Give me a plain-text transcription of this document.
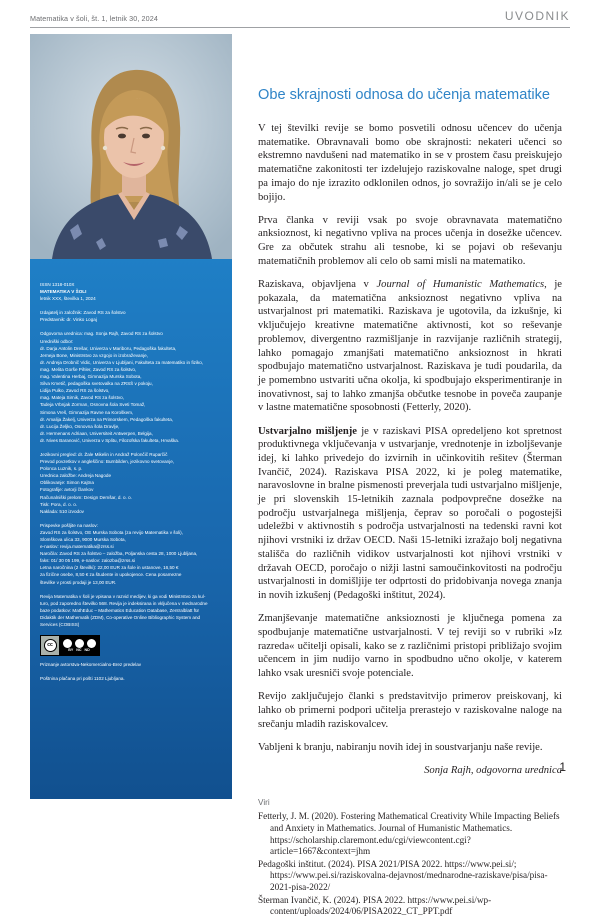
Matematika v šoli, št. 1, letnik 30, 2024	UVODNIK
ISSN 1318-010X
MATEMATIKA V ŠOLI
letnik XXX, številka 1, 2024
Izdajatelj in založnik: Zavod RS za šolstvo
Predstavnik: dr. Vinko Logaj
Odgovorna urednica: mag. Sonja Rajh, Zavod RS za šolstvo
Uredniški odbor:
dr. Darja Antolin Drešar, Univerza v Mariboru, Pedagoška fakulteta,
Jerneja Bone, Ministrstvo za vzgojo in izobraževanje,
dr. Andreja Drobnič Vidic, Univerza v Ljubljani, Fakulteta za matematiko in fiziko,
mag. Melita Gorše Pihler, Zavod RS za šolstvo,
mag. Valentina Herbaj, Gimnazija Murska Sobota,
Silva Kmetič, pedagoška svetovalka na ZRSŠ v pokoju,
Lidija Pulko, Zavod RS za šolstvo,
mag. Mateja Sirnik, Zavod RS za šolstvo,
Tadeja Vrbnjak Zorman, Osnovna šola Sveti Tomaž,
Simona Vreš, Gimnazija Ravne na Koroškem,
dr. Amalija Žakelj, Univerza na Primorskem, Pedagoška fakulteta,
dr. Lucija Željko, Osnovna šola Dravlje,
dr. Hermenans Adriaan, Universiteit Antwerpen, Belgija,
dr. Nives Baranović, Univerza v Splitu, Filozofska fakulteta, Hrvaška.
Jezikovni pregled: dr. Žale Mikelin in Andraž Polončič Ruparčič
Prevod povzetkov v angleščino: Burnbilden, jezikovno svetovanje,
Polonca Luznik, s. p.
Urednica založbe: Andreja Nagode
Oblikovanje: Simon Kajtna
Fotografije: avtorji člankov
Računalniški prelom: Design Demšar, d. o. o.
Tisk: Pora, d. o. o.
Naklada: 510 izvodov
Prispevke pošljite na naslov:
Zavod RS za šolstvo, OE Murska Sobota (za revijo Matematika v šoli),
Slomškova ulica 33, 9000 Murska Sobota,
e-naslov: revija.matematika@zrss.si
Naročila: Zavod RS za šolstvo – založba, Poljanska cesta 28, 1000 Ljubljana,
faks: 01/ 30 05 199, e-naslov: zalozba@zrss.si
Letna naročnina (2 številki): 22,00 EUR za šole in ustanove, 16,50 €
za fizične osebe, 8,50 € za študente in upokojence. Cena posamezne
številke v prosti prodaji je 13,00 EUR.
Revija Matematika v šoli je vpisana v razvid medijev, ki ga vodi Ministrstvo za kul-
turo, pod zaporedno številko 568. Revija je indeksirana in vključena v mednarodne
baze podatkov: MathEduc – Mathematics Education Database, Zentralblatt für
Didaktik der Mathematik (ZDM), Co-operative Online Bibliographic System and
Services (COBISS)
cc
BY NC ND
Priznanje avtorstva-Nekomercialno-Brez predelav
Poštnina plačana pri pošti 1102 Ljubljana.
Obe skrajnosti odnosa do učenja matematike

V tej številki revije se bomo posvetili odnosu učencev do učenja matematike. Obravnavali bomo obe skrajnosti: nekateri učenci so ekstremno navdušeni nad matematiko in se v prostem času preiskujejo matematične zakonitosti ter izdelujejo raziskovalne naloge, spet drugi pa imajo do nje izrazito odklonilen odnos, jo sovražijo in/ali se je celo bojijo.

Prva članka v reviji vsak po svoje obravnavata matematično anksioznost, ki negativno vpliva na proces učenja in dosežke učencev. Gre za občutek strahu ali tesnobe, ki se pojavi ob reševanju matematičnih problemov ali celo ob sami misli na matematiko.

Raziskava, objavljena v Journal of Humanistic Mathematics, je pokazala, da matematična anksioznost negativno vpliva na ustvarjalnost pri matematiki. Raziskava je ugotovila, da izkušnje, ki vključujejo kreativne matematične aktivnosti, kot so reševanje problemov, divergentno razmišljanje in razvijanje različnih strategij, lahko pomagajo zmanjšati matematično anksioznost in hkrati spodbujajo matematično ustvarjalnost. Raziskava je tudi poudarila, da je pomembno ustvariti učna okolja, ki spodbujajo eksperimentiranje in inovativnost, saj to lahko zmanjša občutke tesnobe in poveča zaupanje v lastne matematične sposobnosti (Fetterly, 2020).

Ustvarjalno mišljenje je v raziskavi PISA opredeljeno kot spretnost produktivnega vključevanja v ustvarjanje, vrednotenje in izboljševanje idej, ki lahko privedejo do izvirnih in učinkovitih rešitev (Šterman Ivančič, 2024). Raziskava PISA 2022, ki je poleg matematike, naravoslovne in bralne pismenosti preverjala tudi ustvarjalno mišljenje, je pri slovenskih 15-letnikih zaznala podpovprečne dosežke na področju ustvarjalnega mišljenja, čeprav so poročali o pogostejši udeležbi v aktivnostih s področja ustvarjalnosti na tedenski ravni kot njihovi vrstniki iz držav OECD. Naši 15-letniki izražajo bolj negativna stališča do različnih vidikov ustvarjalnosti kot njihovi vrstniki v državah OECD, poročajo o nižji lastni samoučinkovitosti na področju ustvarjalnosti in domišljije ter odprtosti do pridobivanja novega znanja in novih izkušenj (Pedagoški inštitut, 2024).

Zmanjševanje matematične anksioznosti je ključnega pomena za spodbujanje matematične ustvarjalnosti. V tej reviji so v rubriki »Iz razreda« učitelji opisali, kako se z različnimi pristopi približajo svojim učencem in jim nudijo varno in spodbudno učno okolje, v katerem lahko vsak uresniči svoje potenciale.

Revijo zaključujejo članki s predstavitvijo primerov preiskovanj, ki lahko ob primerni podpori učitelja prerastejo v raziskovalne naloge na srečanju mladih raziskovalcev.

Vabljeni k branju, nabiranju novih idej in soustvarjanju naše revije.

Sonja Rajh, odgovorna urednica
Viri
Fetterly, J. M. (2020). Fostering Mathematical Creativity While Impacting Beliefs and Anxiety in Mathematics. Journal of Humanistic Mathematics. https://scholarship.claremont.edu/cgi/viewcontent.cgi?article=1667&context=jhm
Pedagoški inštitut. (2024). PISA 2021/PISA 2022. https://www.pei.si/; https://www.pei.si/raziskovalna-dejavnost/mednarodne-raziskave/pisa/pisa-2021-pisa-2022/
Šterman Ivančič, K. (2024). PISA 2022. https://www.pei.si/wp-content/uploads/2024/06/PISA2022_CT_PPT.pdf
1
